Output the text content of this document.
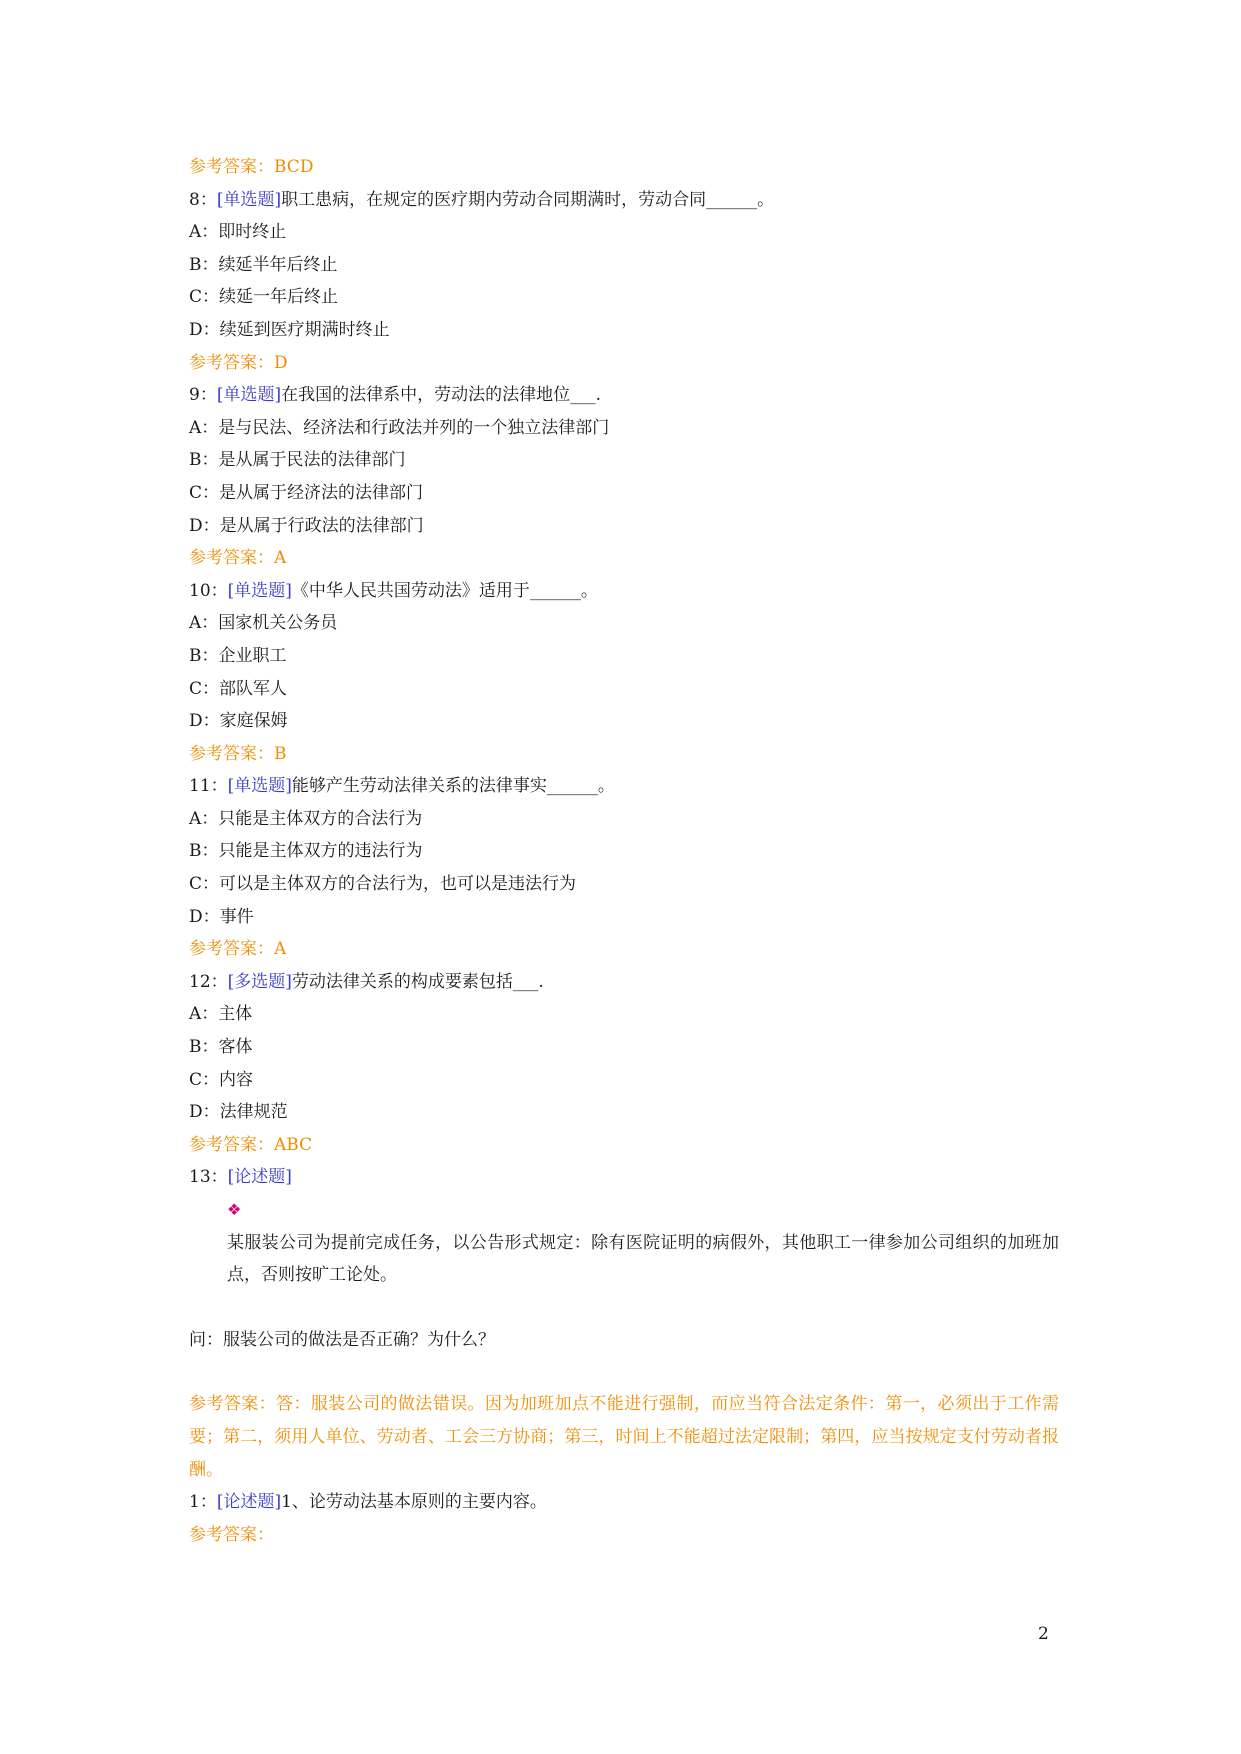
参考答案：BCD
8：[单选题]职工患病，在规定的医疗期内劳动合同期满时，劳动合同______。
A：即时终止
B：续延半年后终止
C：续延一年后终止
D：续延到医疗期满时终止
参考答案：D
9：[单选题]在我国的法律系中，劳动法的法律地位___.
A：是与民法、经济法和行政法并列的一个独立法律部门
B：是从属于民法的法律部门
C：是从属于经济法的法律部门
D：是从属于行政法的法律部门
参考答案：A
10：[单选题]《中华人民共国劳动法》适用于______。
A：国家机关公务员
B：企业职工
C：部队军人
D：家庭保姆
参考答案：B
11：[单选题]能够产生劳动法律关系的法律事实______。
A：只能是主体双方的合法行为
B：只能是主体双方的违法行为
C：可以是主体双方的合法行为，也可以是违法行为
D：事件
参考答案：A
12：[多选题]劳动法律关系的构成要素包括___.
A：主体
B：客体
C：内容
D：法律规范
参考答案：ABC
13：[论述题]
❖
某服装公司为提前完成任务，以公告形式规定：除有医院证明的病假外，其他职工一律参加公司组织的加班加点，否则按旷工论处。
问：服装公司的做法是否正确？为什么？
参考答案：答：服装公司的做法错误。因为加班加点不能进行强制，而应当符合法定条件：第一，必须出于工作需要；第二，须用人单位、劳动者、工会三方协商；第三，时间上不能超过法定限制；第四，应当按规定支付劳动者报酬。
1：[论述题]1、论劳动法基本原则的主要内容。
参考答案：
2
